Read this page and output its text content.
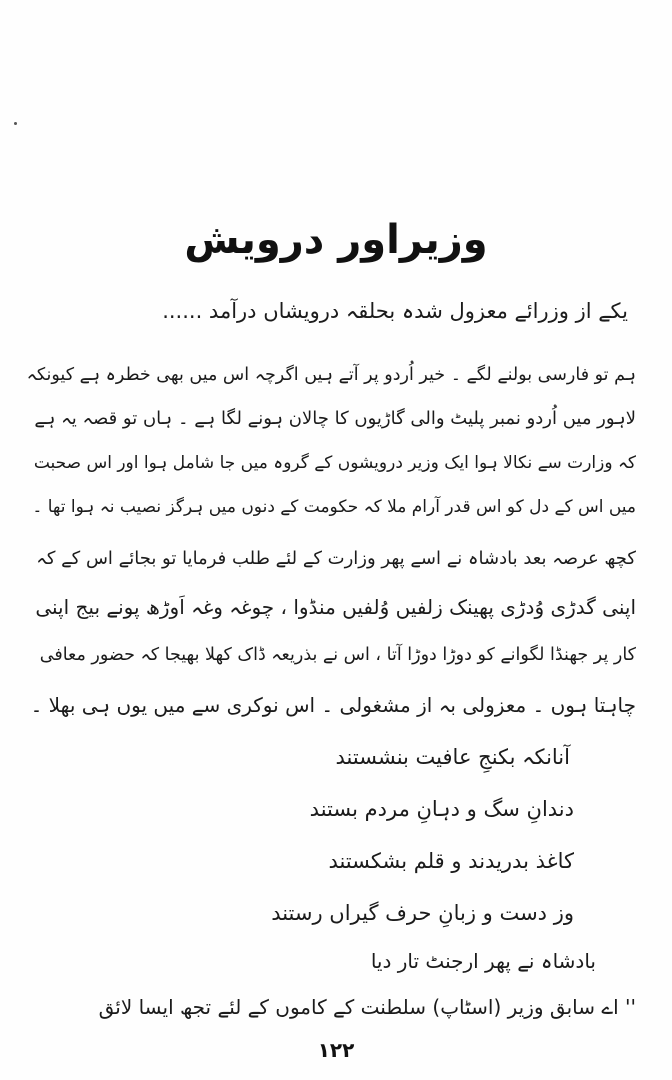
وزیراور درویش
یکے از وزرائے معزول شدہ بحلقہ درویشاں درآمد ......
ہم تو فارسی بولنے لگے ۔ خیر اُردو پر آتے ہیں اگرچہ اس میں بھی خطرہ ہے کیونکہ
لاہور میں اُردو نمبر پلیٹ والی گاڑیوں کا چالان ہونے لگا ہے ۔ ہاں تو قصہ یہ ہے
کہ وزارت سے نکالا ہوا ایک وزیر درویشوں کے گروہ میں جا شامل ہوا اور اس صحبت
میں اس کے دل کو اس قدر آرام ملا کہ حکومت کے دنوں میں ہرگز نصیب نہ ہوا تھا ۔
کچھ عرصہ بعد بادشاہ نے اسے پھر وزارت کے لئے طلب فرمایا تو بجائے اس کے کہ
اپنی گدڑی وُدڑی پھینک زلفیں وُلفیں منڈوا ، چوغہ وغہ اَوڑھ پونے بیج اپنی
کار پر جھنڈا لگوانے کو دوڑا دوڑا آتا ، اس نے بذریعہ ڈاک کھلا بھیجا کہ حضور معافی
چاہتا ہوں ۔ معزولی بہ از مشغولی ۔ اس نوکری سے میں یوں ہی بھلا ۔
آنانکہ بکنجِ عافیت بنشستند
دندانِ سگ و دہانِ مردم بستند
کاغذ بدریدند و قلم بشکستند
وز دست و زبانِ حرف گیراں رستند
بادشاہ نے پھر ارجنٹ تار دیا
'' اے سابق وزیر (اسٹاپ) سلطنت کے کاموں کے لئے تجھ ایسا لائق
۱۲۲
